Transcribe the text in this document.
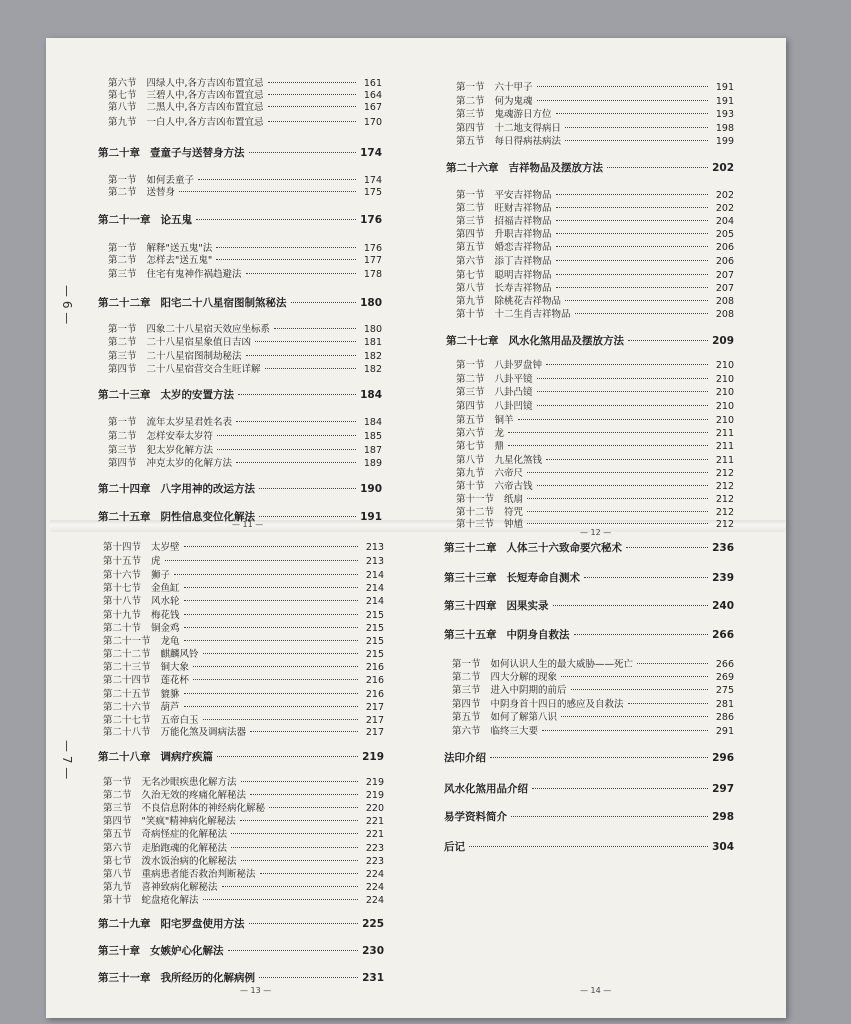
— 6 —
— 7 —
— 11 —
— 13 —
— 12 —
— 14 —
第六节 四绿人中,各方吉凶布置宜忌	161
第七节 三碧人中,各方吉凶布置宜忌	164
第八节 二黑人中,各方吉凶布置宜忌	167
第九节 一白人中,各方吉凶布置宜忌	170
第二十章 壹童子与送替身方法	174
第一节 如何丢童子	174
第二节 送替身	175
第二十一章 论五鬼	176
第一节 解释"送五鬼"法	176
第二节 怎样去"送五鬼"	177
第三节 住宅有鬼神作祸趋避法	178
第二十二章 阳宅二十八星宿图制煞秘法	180
第一节 四象二十八星宿天效应坐标系	180
第二节 二十八星宿星象值日吉凶	181
第三节 二十八星宿图制劫秘法	182
第四节 二十八星宿营交合生旺详解	182
第二十三章 太岁的安置方法	184
第一节 流年太岁星君姓名表	184
第二节 怎样安奉太岁符	185
第三节 犯太岁化解方法	187
第四节 冲克太岁的化解方法	189
第二十四章 八字用神的改运方法	190
第二十五章 阴性信息变位化解法	191
第一节 六十甲子	191
第二节 何为鬼魂	191
第三节 鬼魂游日方位	193
第四节 十二地支得病日	198
第五节 每日得病祛病法	199
第二十六章 吉祥物品及摆放方法	202
第一节 平安吉祥物品	202
第二节 旺财吉祥物品	202
第三节 招福吉祥物品	204
第四节 升职吉祥物品	205
第五节 婚恋吉祥物品	206
第六节 添丁吉祥物品	206
第七节 聪明吉祥物品	207
第八节 长寿吉祥物品	207
第九节 除桃花吉祥物品	208
第十节 十二生肖吉祥物品	208
第二十七章 风水化煞用品及摆放方法	209
第一节 八卦罗盘钟	210
第二节 八卦平镜	210
第三节 八卦凸镜	210
第四节 八卦凹镜	210
第五节 铜羊	210
第六节 龙	211
第七节 鼎	211
第八节 九星化煞钱	211
第九节 六帝尺	212
第十节 六帝古钱	212
第十一节 纸扇	212
第十二节 符咒	212
第十三节 钟馗	212
第十四节 太岁壁	213
第十五节 虎	213
第十六节 狮子	214
第十七节 金鱼缸	214
第十八节 风水轮	214
第十九节 梅花钱	215
第二十节 铜金鸡	215
第二十一节 龙龟	215
第二十二节 麒麟风铃	215
第二十三节 铜大象	216
第二十四节 莲花杯	216
第二十五节 貔貅	216
第二十六节 葫芦	217
第二十七节 五帝白玉	217
第二十八节 万能化煞及调病法器	217
第二十八章 调病疗疾篇	219
第一节 无名沙眼疾患化解方法	219
第二节 久治无效的疼痛化解秘法	219
第三节 不良信息附体的神经病化解秘	220
第四节 "笑疯"精神病化解秘法	221
第五节 奇病怪症的化解秘法	221
第六节 走胎跑魂的化解秘法	223
第七节 泼水饭治病的化解秘法	223
第八节 重病患者能否救治判断秘法	224
第九节 喜神致病化解秘法	224
第十节 蛇盘疮化解法	224
第二十九章 阳宅罗盘使用方法	225
第三十章 女嫉妒心化解法	230
第三十一章 我所经历的化解病例	231
第三十二章 人体三十六致命要穴秘术	236
第三十三章 长短寿命自测术	239
第三十四章 因果实录	240
第三十五章 中阴身自救法	266
第一节 如何认识人生的最大威胁——死亡	266
第二节 四大分解的现象	269
第三节 进入中阴期的前后	275
第四节 中阴身首十四日的感应及自救法	281
第五节 如何了解第八识	286
第六节 临终三大要	291
法印介绍	296
风水化煞用品介绍	297
易学资料简介	298
后记	304
